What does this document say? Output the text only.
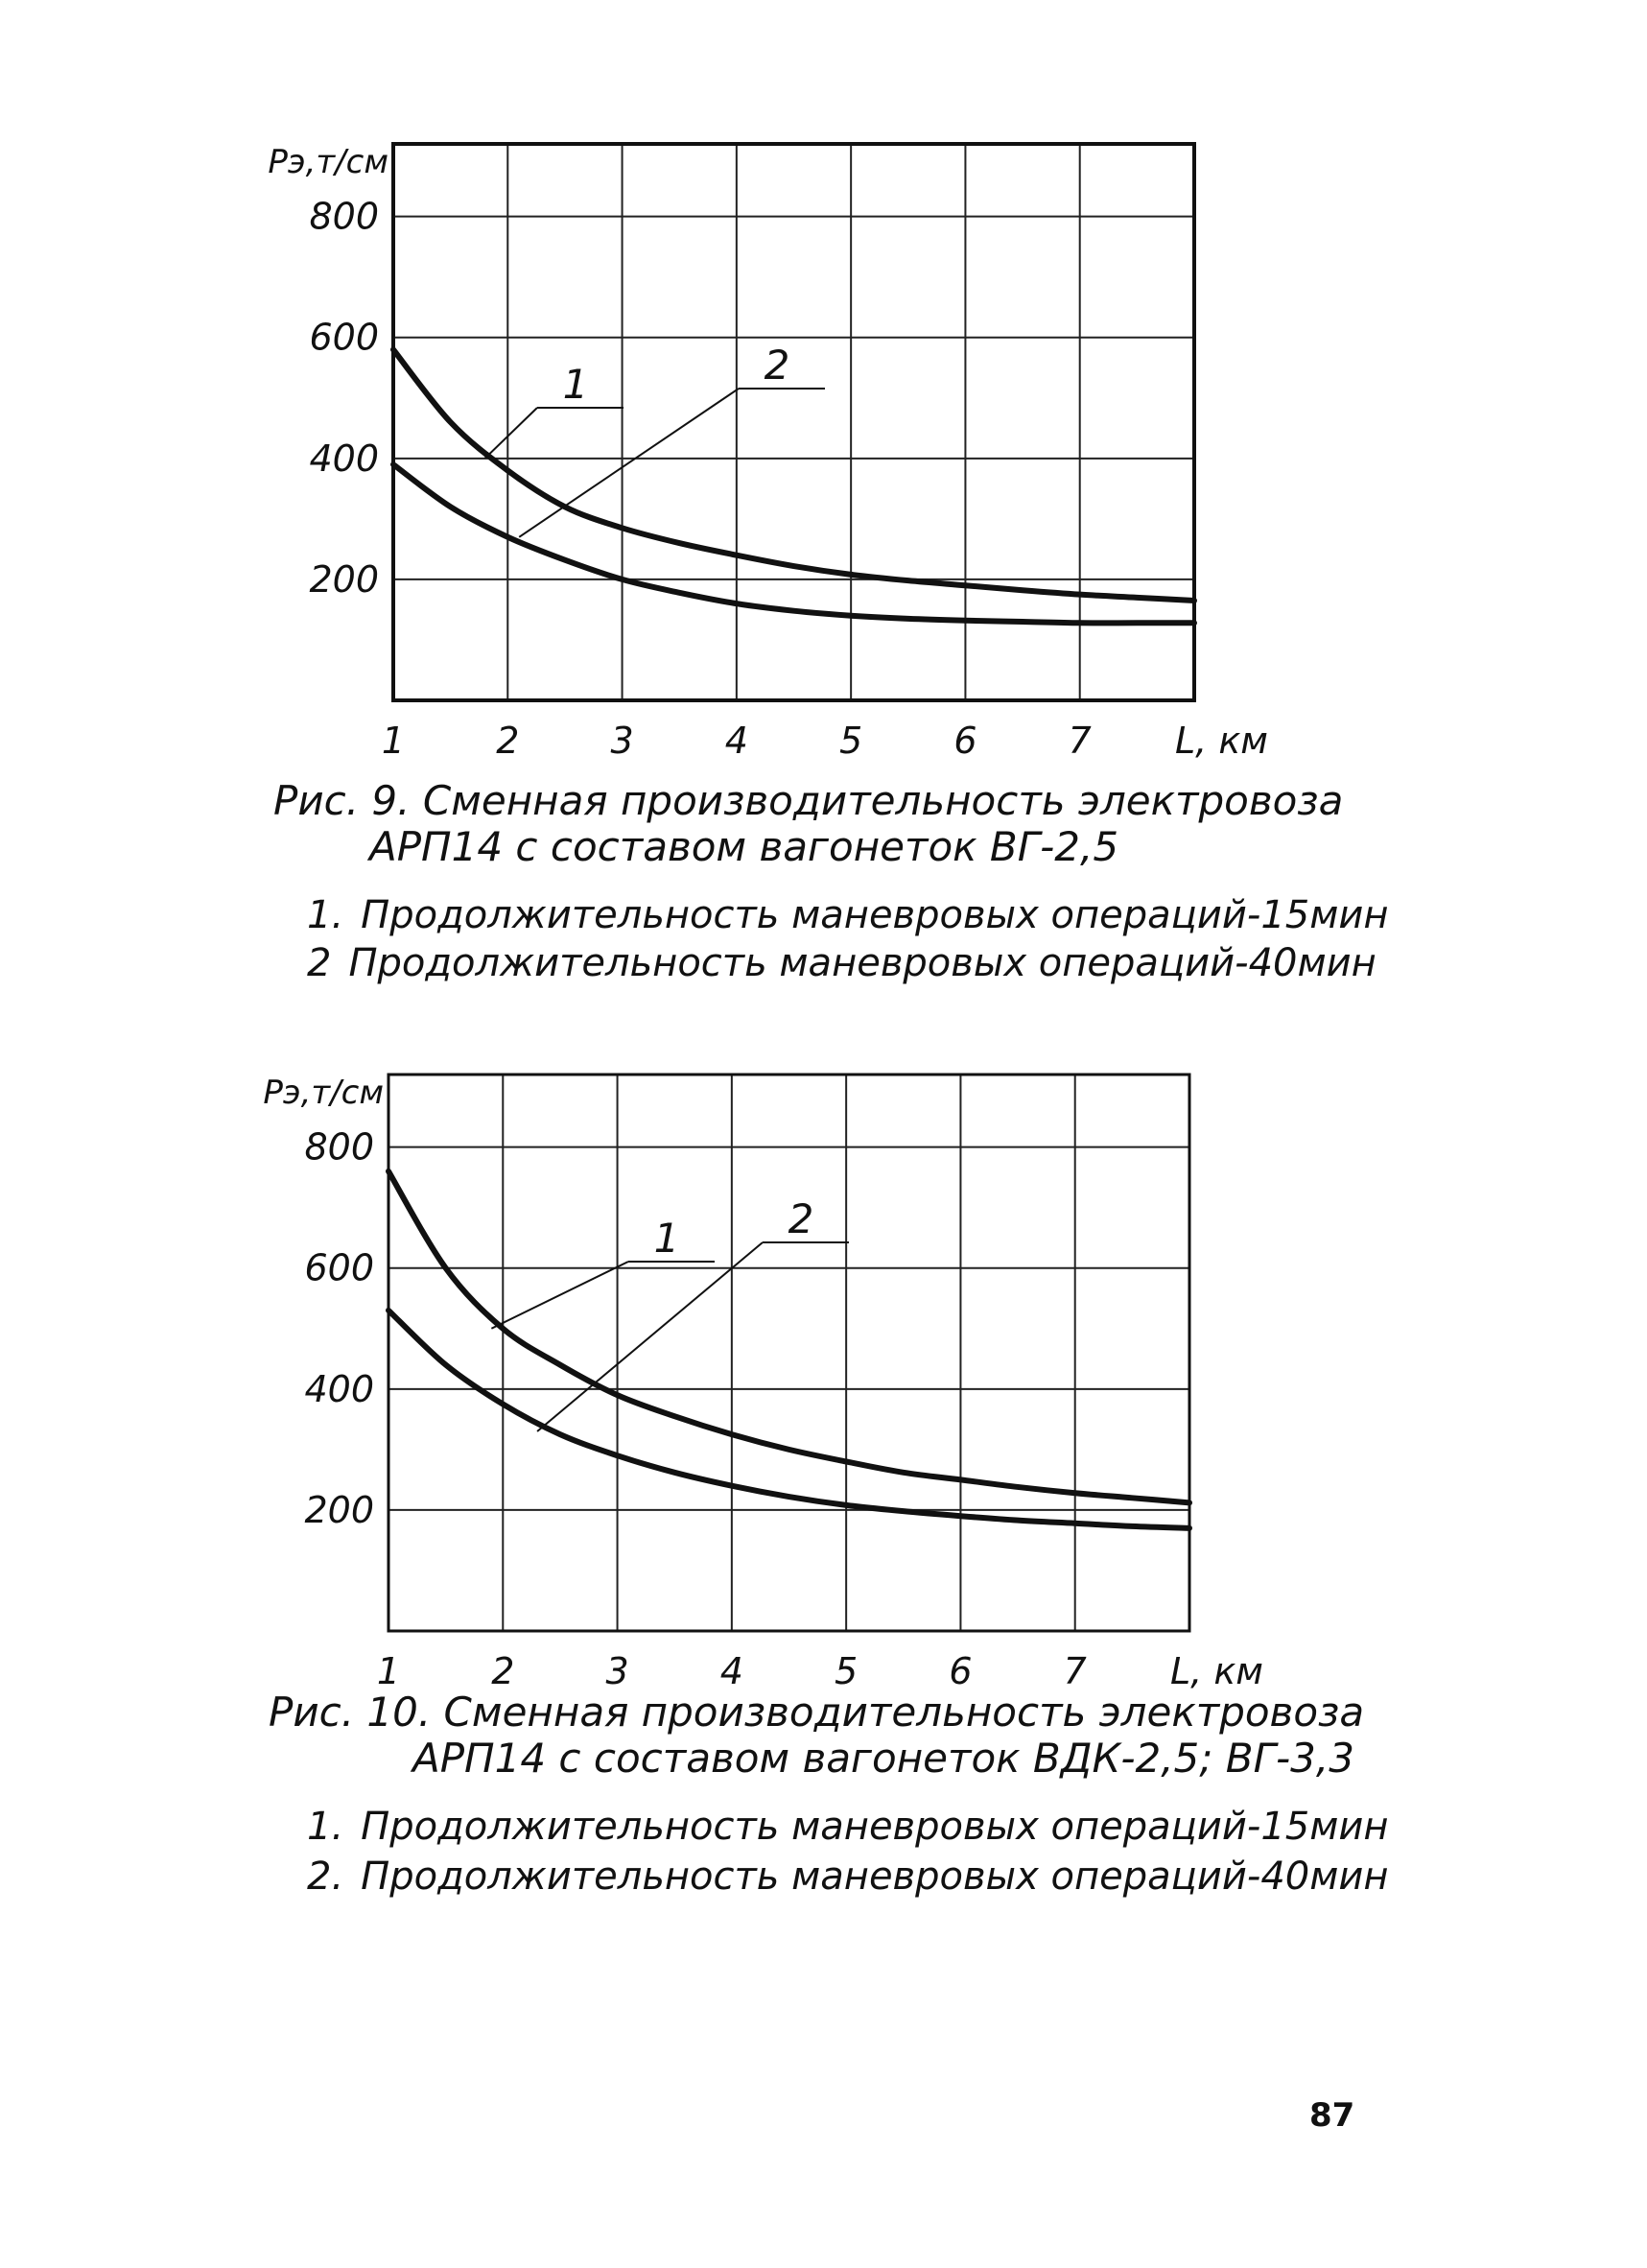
200
400
600
800
1	2	3	4	5	6	7 L, км
Рэ,т/см
1	2
Рис. 9. Сменная производительность электровоза
АРП14 с составом вагонеток ВГ-2,5
1. Продолжительность маневровых операций-15мин
2 Продолжительность маневровых операций-40мин
200
400
600
800
1	2	3	4	5	6	7 L, км
Рэ,т/см
1	2
Рис. 10. Сменная производительность электровоза
АРП14 с составом вагонеток ВДК-2,5; ВГ-3,3
1. Продолжительность маневровых операций-15мин
2. Продолжительность маневровых операций-40мин
87
